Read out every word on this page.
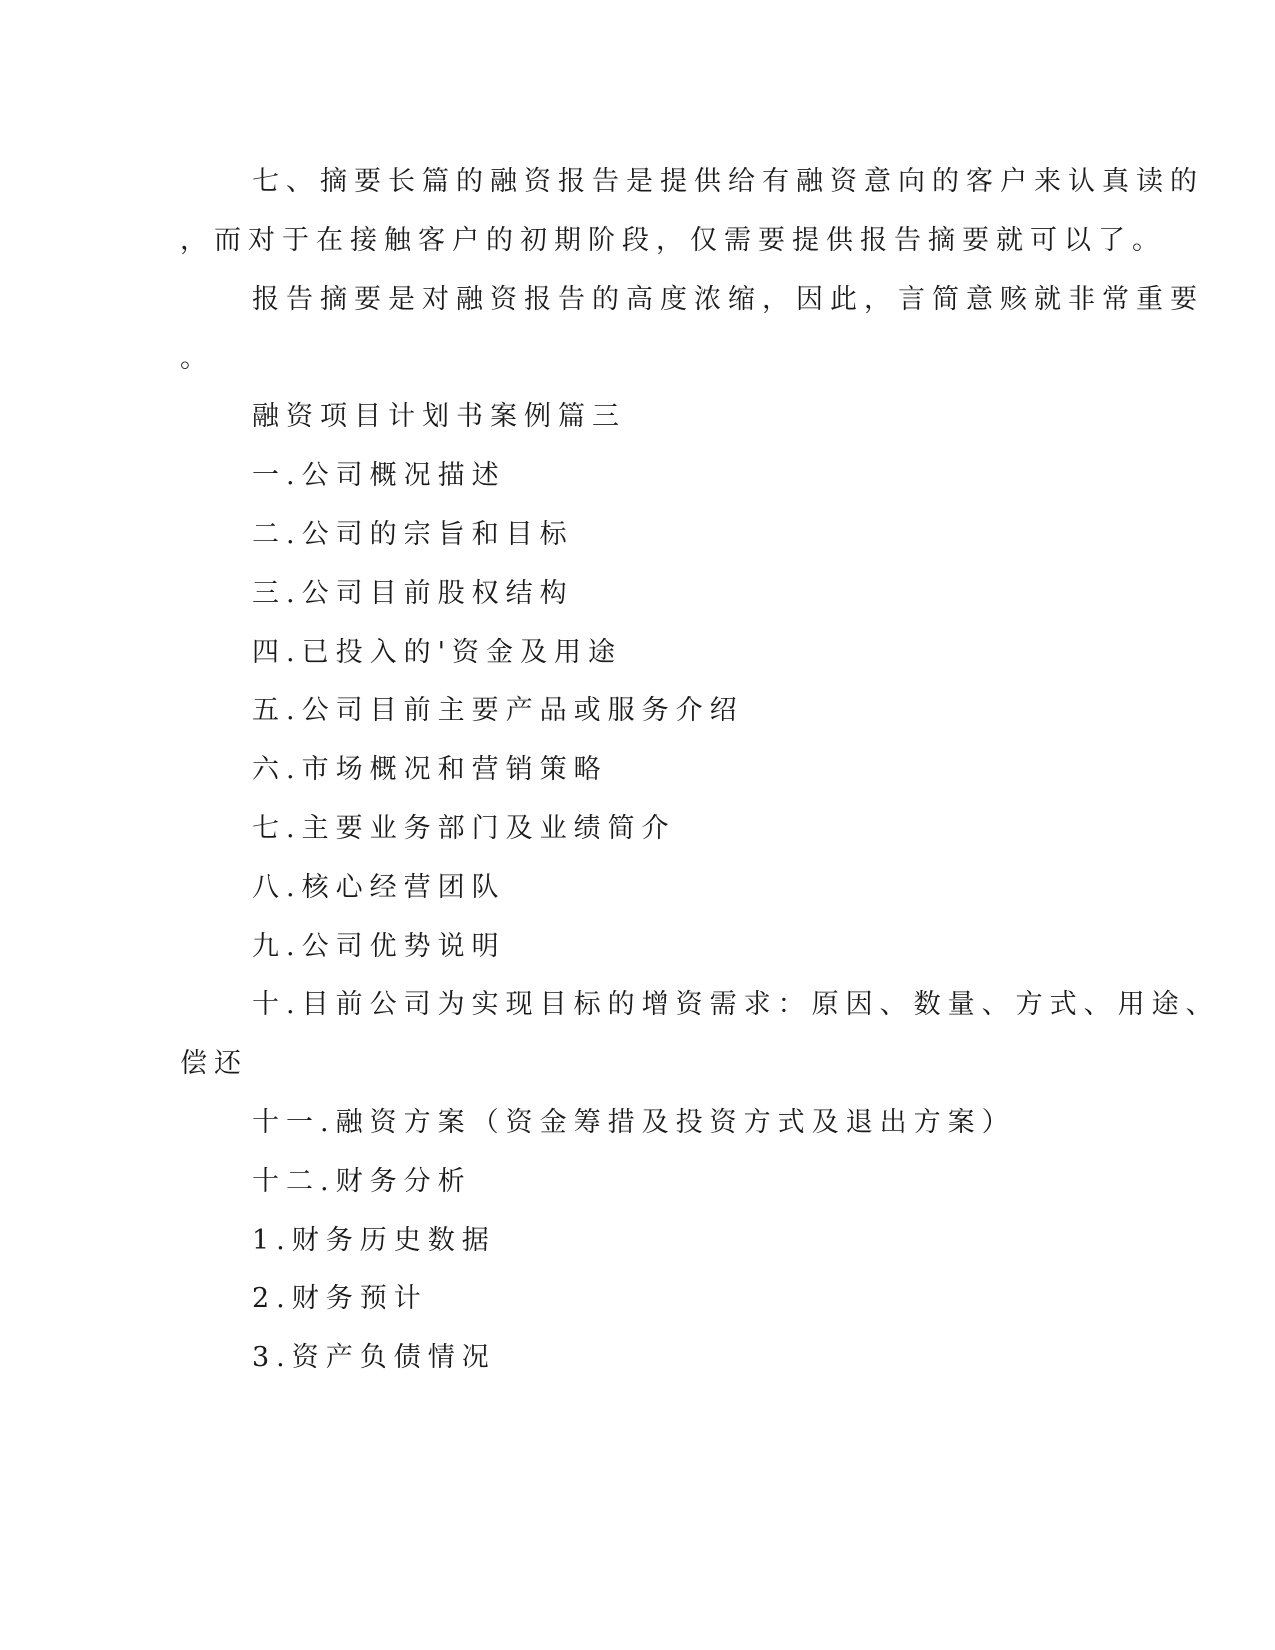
七、摘要长篇的融资报告是提供给有融资意向的客户来认真读的

，而对于在接触客户的初期阶段，仅需要提供报告摘要就可以了。

报告摘要是对融资报告的高度浓缩，因此，言简意赅就非常重要

。

融资项目计划书案例篇三

一.公司概况描述

二.公司的宗旨和目标

三.公司目前股权结构

四.已投入的'资金及用途

五.公司目前主要产品或服务介绍

六.市场概况和营销策略

七.主要业务部门及业绩简介

八.核心经营团队

九.公司优势说明

十.目前公司为实现目标的增资需求：原因、数量、方式、用途、

偿还

十一.融资方案（资金筹措及投资方式及退出方案）

十二.财务分析

1.财务历史数据

2.财务预计

3.资产负债情况
